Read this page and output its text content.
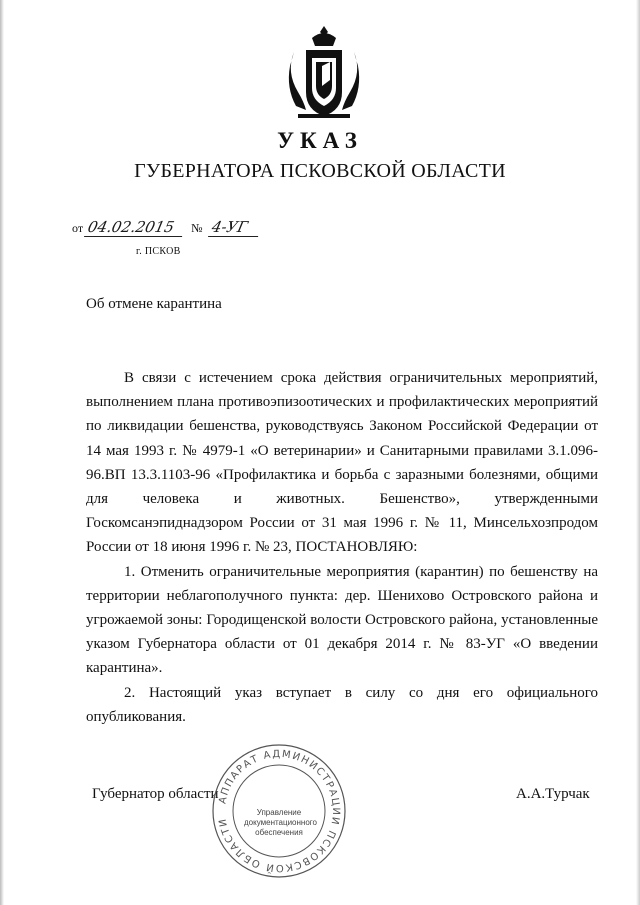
УКАЗ
ГУБЕРНАТОРА ПСКОВСКОЙ ОБЛАСТИ
от 04.02.2015 № 4-УГ
г. ПСКОВ
Об отмене карантина

В связи с истечением срока действия ограничительных мероприятий, выполнением плана противоэпизоотических и профилактических мероприятий по ликвидации бешенства, руководствуясь Законом Российской Федерации от 14 мая 1993 г. № 4979-1 «О ветеринарии» и Санитарными правилами 3.1.096-96.ВП 13.3.1103-96 «Профилактика и борьба с заразными болезнями, общими для человека и животных. Бешенство», утвержденными Госкомсанэпиднадзором России от 31 мая 1996 г. № 11, Минсельхозпродом России от 18 июня 1996 г. № 23, ПОСТАНОВЛЯЮ:

1. Отменить ограничительные мероприятия (карантин) по бешенству на территории неблагополучного пункта: дер. Шенихово Островского района и угрожаемой зоны: Городищенской волости Островского района, установленные указом Губернатора области от 01 декабря 2014 г. № 83-УГ «О введении карантина».

2. Настоящий указ вступает в силу со дня его официального опубликования.

Губернатор области	А.А.Турчак
АППАРАТ АДМИНИСТРАЦИИ ПСКОВСКОЙ ОБЛАСТИ
Управление
документационного
обеспечения
